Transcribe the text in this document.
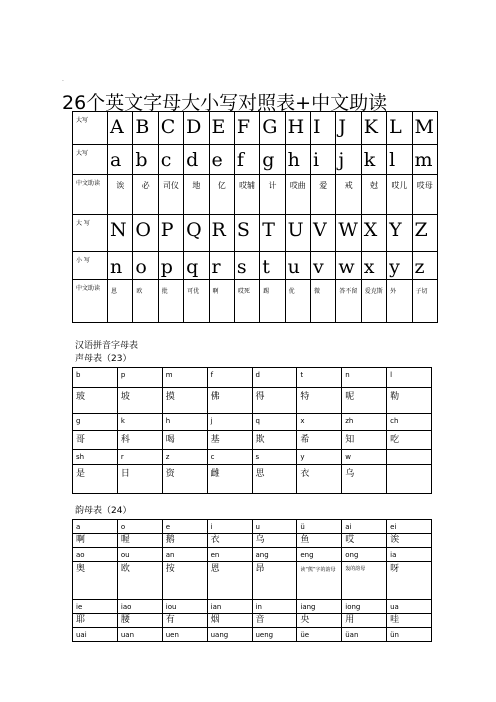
·
26个英文字母大小写对照表+中文助读
大写	A	B	C	D	E	F	G	H	I	J	K	L	M
大写	a	b	c	d	e	f	g	h	i	j	k	l	m
中文助读	诶	必	司仪	地	亿	哎辅	计	哎曲	爱	戒	尅	哎儿	哎母
大 写	N	O	P	Q	R	S	T	U	V	W	X	Y	Z
小 写	n	o	p	q	r	s	t	u	v	w	x	y	z
中文助读	恩	欧	批	可优	啊	哎死	踢	优	微	答不留	爱克斯	外	子切
汉语拼音字母表
声母表（23）
b	p	m	f	d	t	n	l
玻	坡	摸	佛	得	特	呢	勒
g	k	h	j	q	x	zh	ch
哥	科	喝	基	欺	希	知	吃
sh	r	z	c	s	y	w	
是	日	资	雌	思	衣	乌	
韵母表（24）
a	o	e	i	u	ü	ai	ei
啊	喔	鹅	衣	乌	鱼	哎	诶
ao	ou	an	en	ang	eng	ong	ia
奥	欧	按	恩	昂	读“熊”字的韵母	轰的韵母	呀
ie	iao	iou	ian	in	iang	iong	ua
耶	腰	有	烟	音	央	用	哇
uai	uan	uen	uang	ueng	üe	üan	ün
